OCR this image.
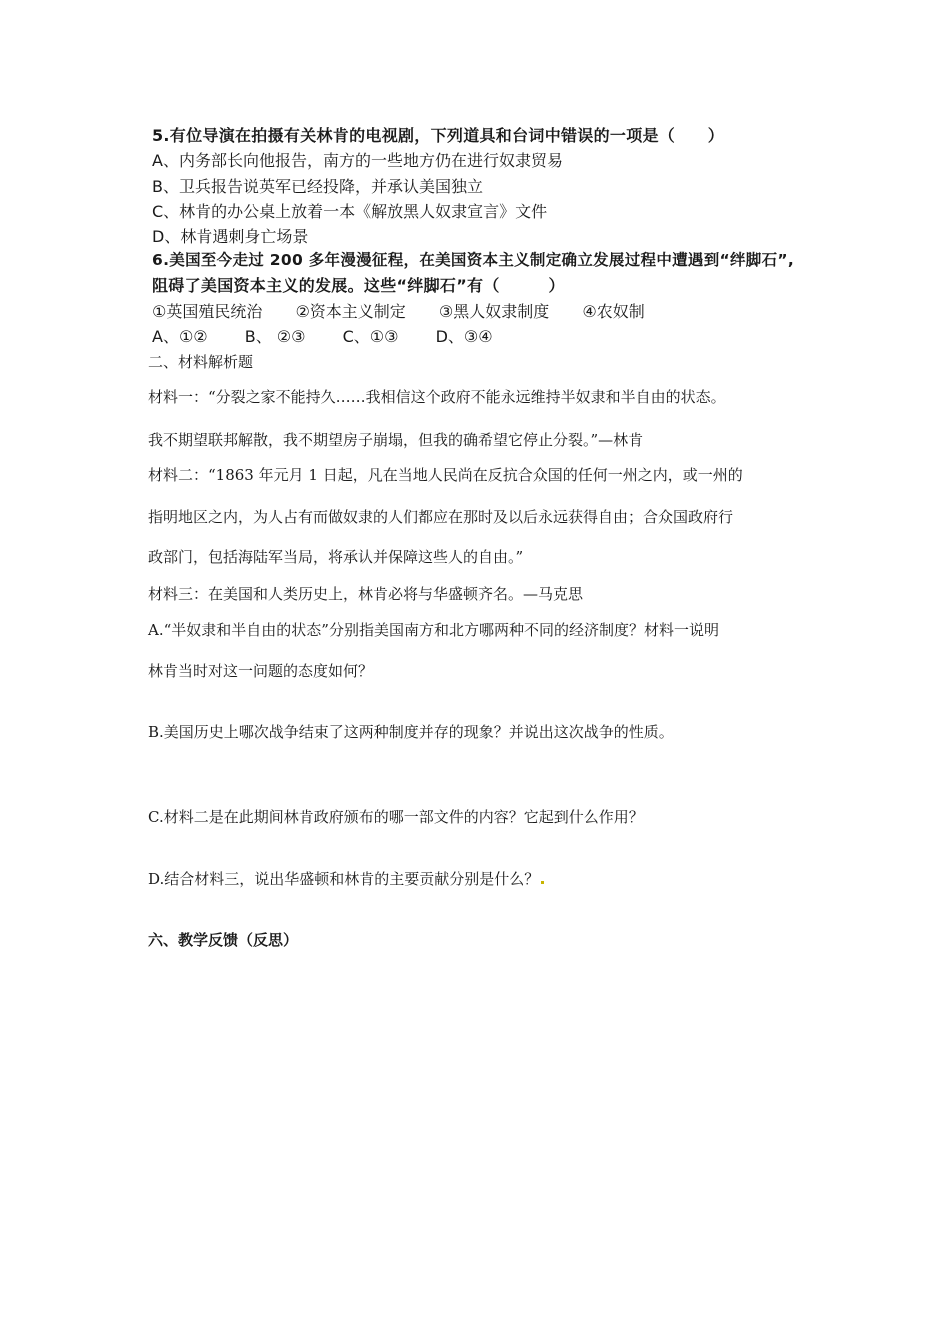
5.有位导演在拍摄有关林肯的电视剧，下列道具和台词中错误的一项是（　　）
A、内务部长向他报告，南方的一些地方仍在进行奴隶贸易
B、卫兵报告说英军已经投降，并承认美国独立
C、林肯的办公桌上放着一本《解放黑人奴隶宣言》文件
D、林肯遇刺身亡场景
6.美国至今走过 200 多年漫漫征程，在美国资本主义制定确立发展过程中遭遇到“绊脚石”,
阻碍了美国资本主义的发展。这些“绊脚石”有（　　　）
①英国殖民统治 ②资本主义制定 ③黑人奴隶制度 ④农奴制
A、①② B、 ②③ C、①③ D、③④
二、材料解析题
材料一：“分裂之家不能持久……我相信这个政府不能永远维持半奴隶和半自由的状态。
我不期望联邦解散，我不期望房子崩塌，但我的确希望它停止分裂。”—林肯
材料二：“1863 年元月 1 日起，凡在当地人民尚在反抗合众国的任何一州之内，或一州的
指明地区之内，为人占有而做奴隶的人们都应在那时及以后永远获得自由；合众国政府行
政部门，包括海陆军当局，将承认并保障这些人的自由。”
材料三：在美国和人类历史上，林肯必将与华盛顿齐名。—马克思
A.“半奴隶和半自由的状态”分别指美国南方和北方哪两种不同的经济制度？材料一说明
林肯当时对这一问题的态度如何？
B.美国历史上哪次战争结束了这两种制度并存的现象？并说出这次战争的性质。
C.材料二是在此期间林肯政府颁布的哪一部文件的内容？它起到什么作用？
D.结合材料三，说出华盛顿和林肯的主要贡献分别是什么？
六、教学反馈（反思）
